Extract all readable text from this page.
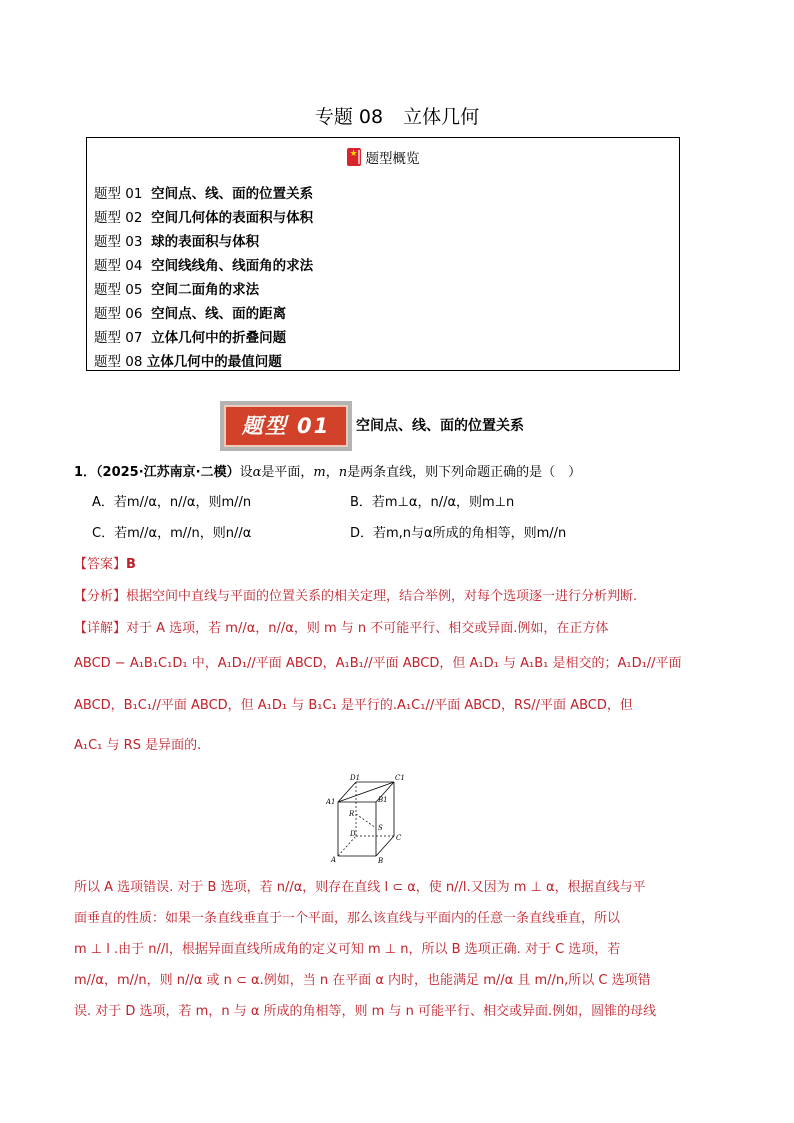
专题 08 立体几何
★ 题型概览
题型 01 空间点、线、面的位置关系
题型 02 空间几何体的表面积与体积
题型 03 球的表面积与体积
题型 04 空间线线角、线面角的求法
题型 05 空间二面角的求法
题型 06 空间点、线、面的距离
题型 07 立体几何中的折叠问题
题型 08 立体几何中的最值问题
题型 01	空间点、线、面的位置关系
1．（2025·江苏南京·二模）设α是平面，m，n是两条直线，则下列命题正确的是（　）
A．若m//α，n//α，则m//n	B．若m⊥α，n//α，则m⊥n
C．若m//α，m//n，则n//α	D．若m,n与α所成的角相等，则m//n
【答案】B
【分析】根据空间中直线与平面的位置关系的相关定理，结合举例，对每个选项逐一进行分析判断.
【详解】对于 A 选项，若 m//α，n//α，则 m 与 n 不可能平行、相交或异面.例如，在正方体
ABCD − A₁B₁C₁D₁ 中，A₁D₁//平面 ABCD，A₁B₁//平面 ABCD，但 A₁D₁ 与 A₁B₁ 是相交的；A₁D₁//平面
ABCD，B₁C₁//平面 ABCD，但 A₁D₁ 与 B₁C₁ 是平行的.A₁C₁//平面 ABCD，RS//平面 ABCD，但
A₁C₁ 与 RS 是异面的.
D1	C1
A1	B1
R
D
S
C
A	B
所以 A 选项错误. 对于 B 选项，若 n//α，则存在直线 l ⊂ α，使 n//l.又因为 m ⊥ α，根据直线与平
面垂直的性质：如果一条直线垂直于一个平面，那么该直线与平面内的任意一条直线垂直，所以
m ⊥ l .由于 n//l，根据异面直线所成角的定义可知 m ⊥ n，所以 B 选项正确. 对于 C 选项，若
m//α，m//n，则 n//α 或 n ⊂ α.例如，当 n 在平面 α 内时，也能满足 m//α 且 m//n,所以 C 选项错
误. 对于 D 选项，若 m，n 与 α 所成的角相等，则 m 与 n 可能平行、相交或异面.例如，圆锥的母线
